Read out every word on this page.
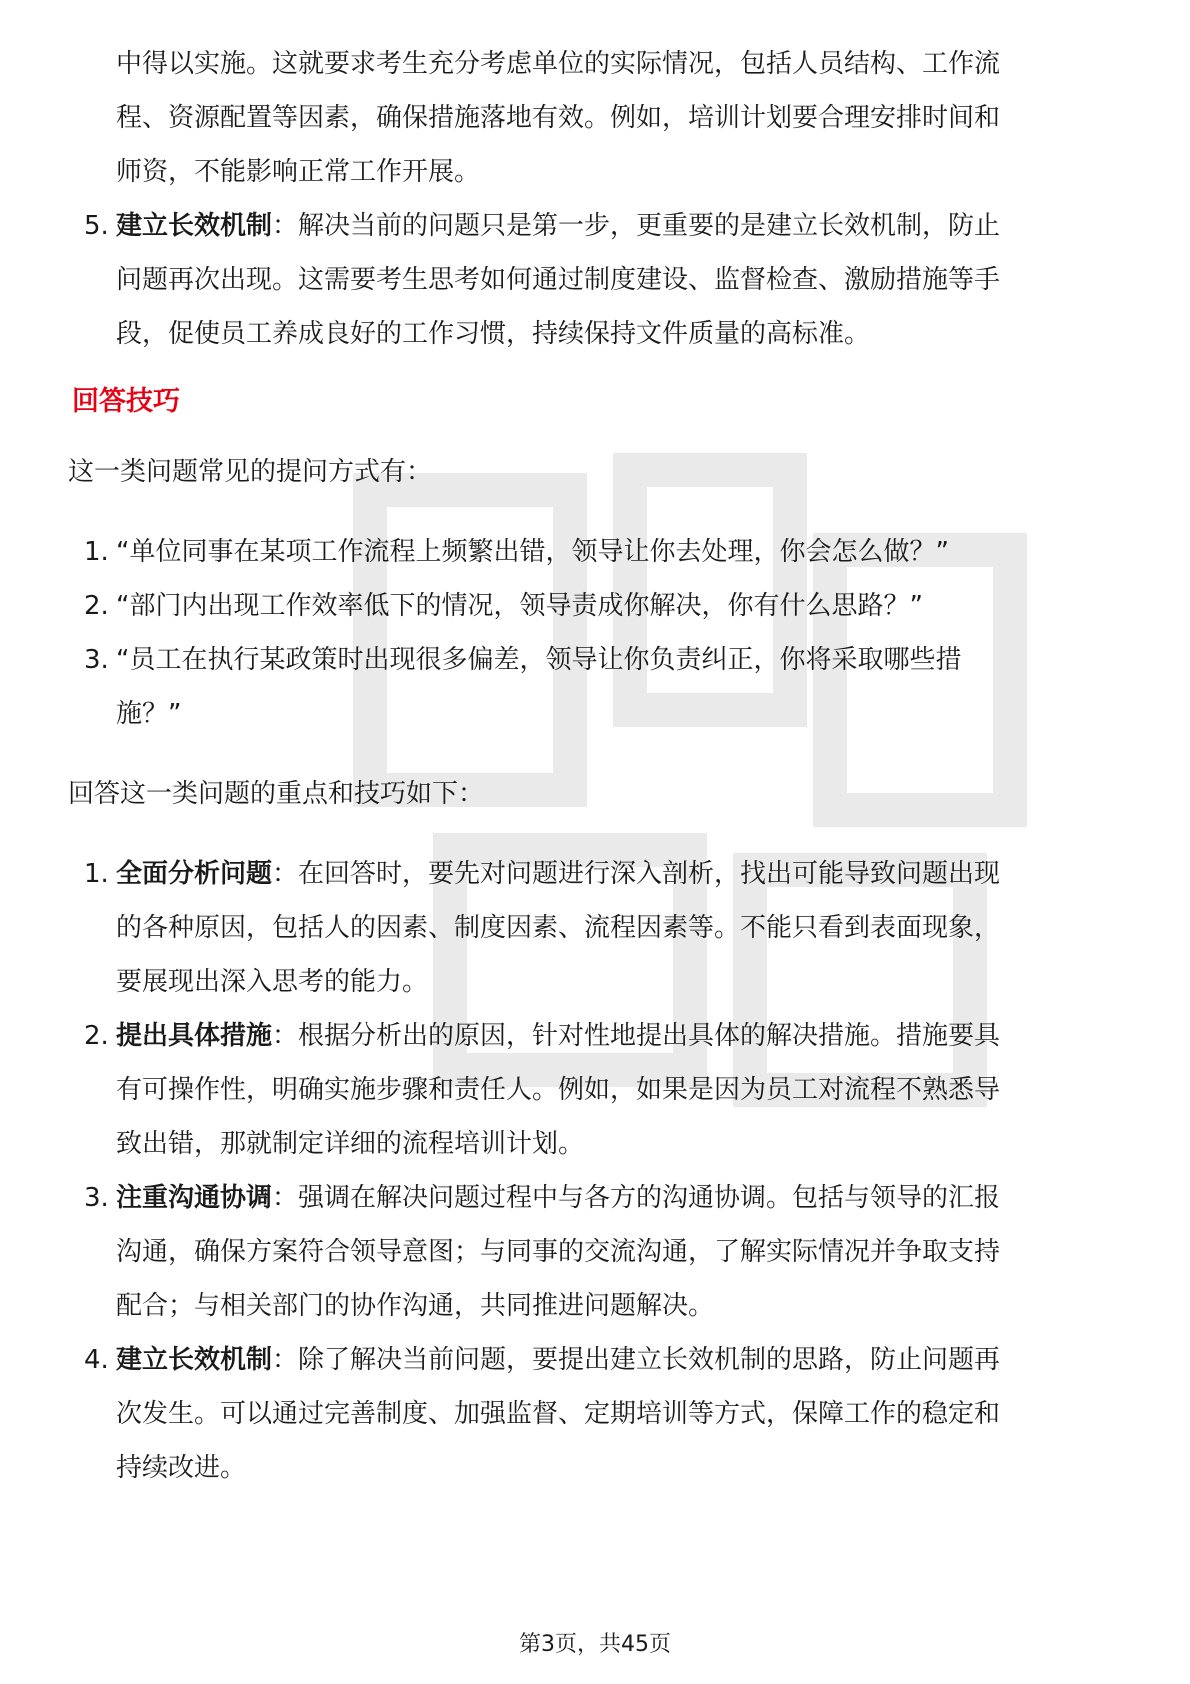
中得以实施。这就要求考生充分考虑单位的实际情况，包括人员结构、工作流
程、资源配置等因素，确保措施落地有效。例如，培训计划要合理安排时间和
师资，不能影响正常工作开展。
5. 建立长效机制：解决当前的问题只是第一步，更重要的是建立长效机制，防止
问题再次出现。这需要考生思考如何通过制度建设、监督检查、激励措施等手
段，促使员工养成良好的工作习惯，持续保持文件质量的高标准。
回答技巧
这一类问题常见的提问方式有：
1. “单位同事在某项工作流程上频繁出错，领导让你去处理，你会怎么做？”
2. “部门内出现工作效率低下的情况，领导责成你解决，你有什么思路？”
3. “员工在执行某政策时出现很多偏差，领导让你负责纠正，你将采取哪些措
施？”
回答这一类问题的重点和技巧如下：
1. 全面分析问题：在回答时，要先对问题进行深入剖析，找出可能导致问题出现
的各种原因，包括人的因素、制度因素、流程因素等。不能只看到表面现象，
要展现出深入思考的能力。
2. 提出具体措施：根据分析出的原因，针对性地提出具体的解决措施。措施要具
有可操作性，明确实施步骤和责任人。例如，如果是因为员工对流程不熟悉导
致出错，那就制定详细的流程培训计划。
3. 注重沟通协调：强调在解决问题过程中与各方的沟通协调。包括与领导的汇报
沟通，确保方案符合领导意图；与同事的交流沟通，了解实际情况并争取支持
配合；与相关部门的协作沟通，共同推进问题解决。
4. 建立长效机制：除了解决当前问题，要提出建立长效机制的思路，防止问题再
次发生。可以通过完善制度、加强监督、定期培训等方式，保障工作的稳定和
持续改进。
第3页，共45页
